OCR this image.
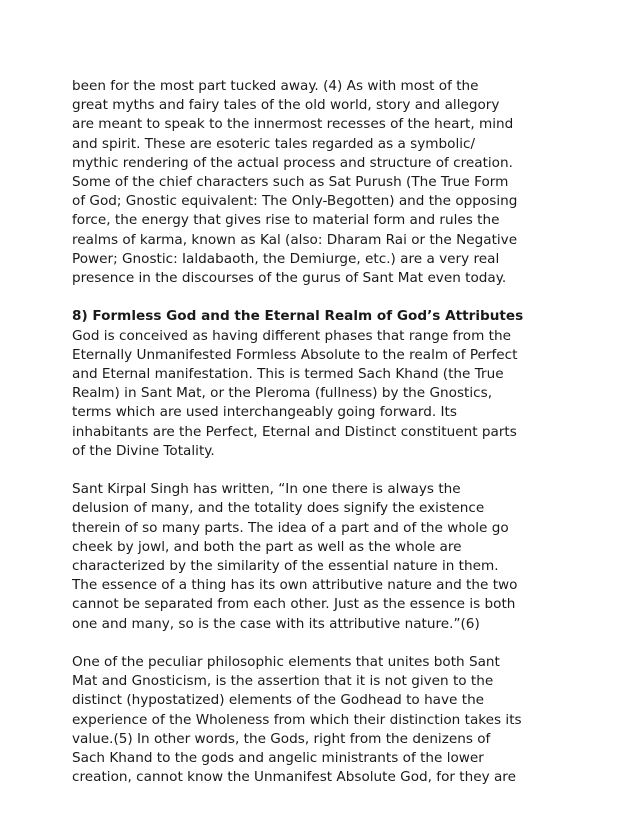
been for the most part tucked away. (4) As with most of the
great myths and fairy tales of the old world, story and allegory
are meant to speak to the innermost recesses of the heart, mind
and spirit. These are esoteric tales regarded as a symbolic/
mythic rendering of the actual process and structure of creation.
Some of the chief characters such as Sat Purush (The True Form
of God; Gnostic equivalent: The Only-Begotten) and the opposing
force, the energy that gives rise to material form and rules the
realms of karma, known as Kal (also: Dharam Rai or the Negative
Power; Gnostic: Ialdabaoth, the Demiurge, etc.) are a very real
presence in the discourses of the gurus of Sant Mat even today.

8) Formless God and the Eternal Realm of God’s Attributes
God is conceived as having different phases that range from the
Eternally Unmanifested Formless Absolute to the realm of Perfect
and Eternal manifestation. This is termed Sach Khand (the True
Realm) in Sant Mat, or the Pleroma (fullness) by the Gnostics,
terms which are used interchangeably going forward. Its
inhabitants are the Perfect, Eternal and Distinct constituent parts
of the Divine Totality.

Sant Kirpal Singh has written, “In one there is always the
delusion of many, and the totality does signify the existence
therein of so many parts. The idea of a part and of the whole go
cheek by jowl, and both the part as well as the whole are
characterized by the similarity of the essential nature in them.
The essence of a thing has its own attributive nature and the two
cannot be separated from each other. Just as the essence is both
one and many, so is the case with its attributive nature.”(6)

One of the peculiar philosophic elements that unites both Sant
Mat and Gnosticism, is the assertion that it is not given to the
distinct (hypostatized) elements of the Godhead to have the
experience of the Wholeness from which their distinction takes its
value.(5) In other words, the Gods, right from the denizens of
Sach Khand to the gods and angelic ministrants of the lower
creation, cannot know the Unmanifest Absolute God, for they are
